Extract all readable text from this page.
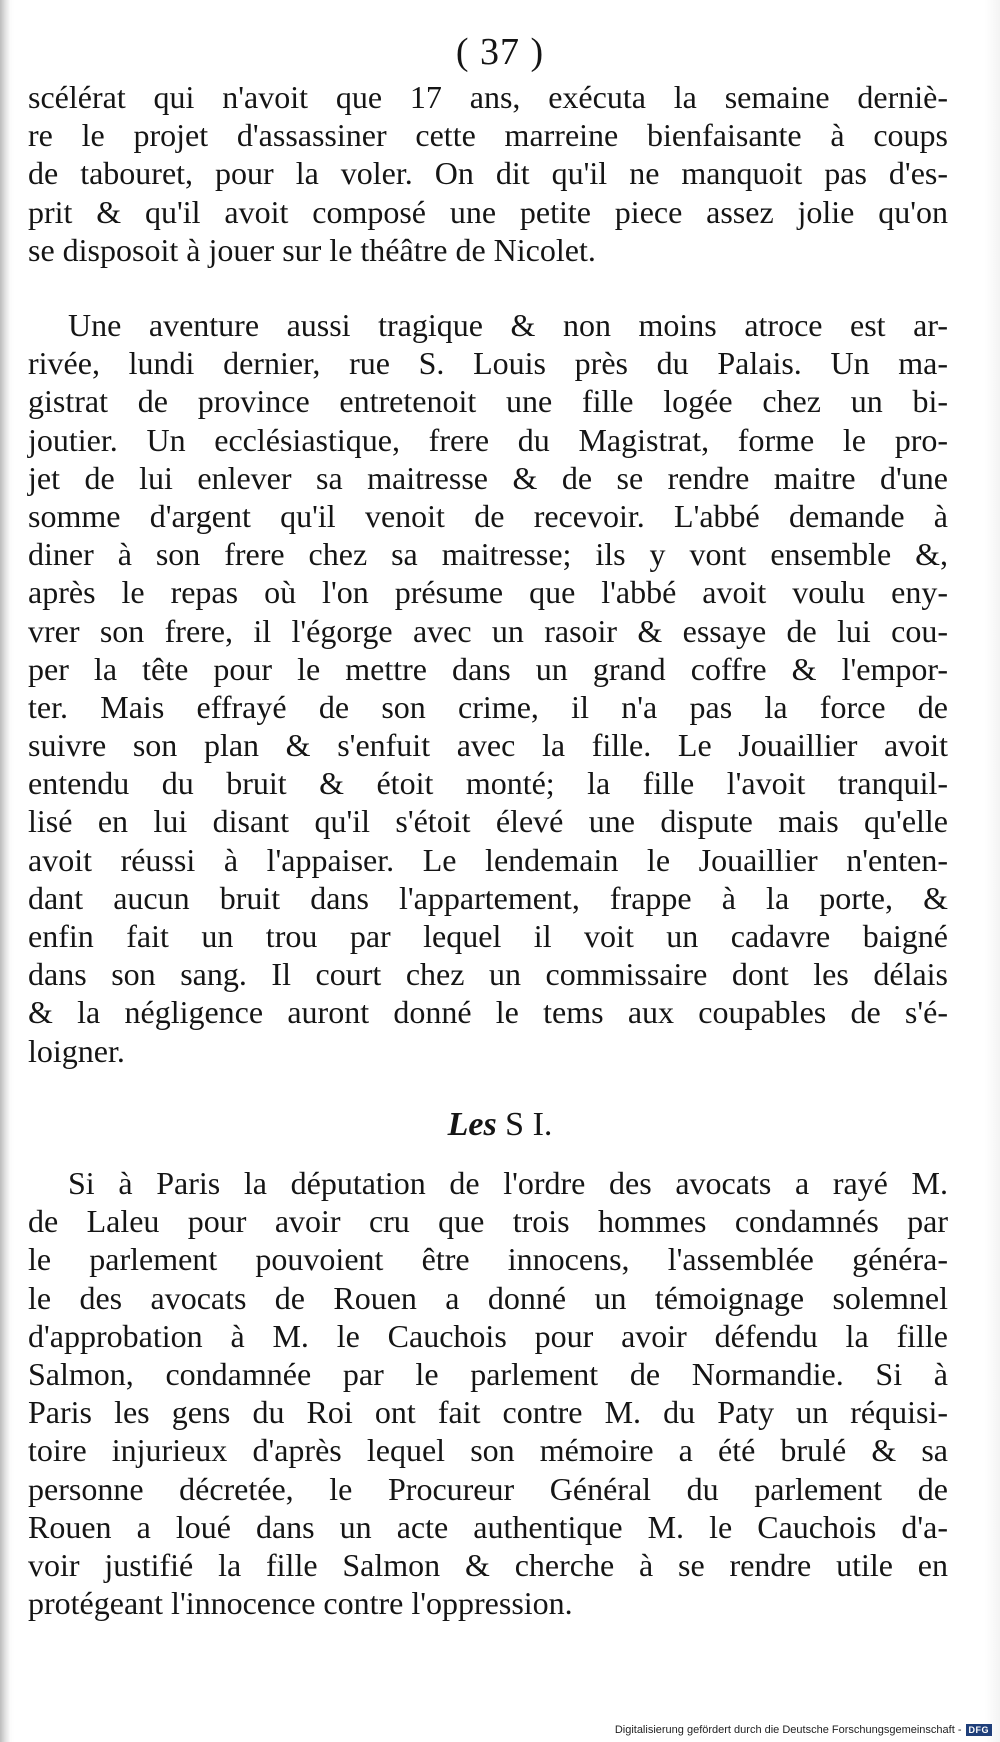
( 37 )
scélérat qui n'avoit que 17 ans, exécuta la semaine derniè-
re le projet d'assassiner cette marreine bienfaisante à coups
de tabouret, pour la voler. On dit qu'il ne manquoit pas d'es-
prit & qu'il avoit composé une petite piece assez jolie qu'on
se disposoit à jouer sur le théâtre de Nicolet.
Une aventure aussi tragique & non moins atroce est ar-
rivée, lundi dernier, rue S. Louis près du Palais. Un ma-
gistrat de province entretenoit une fille logée chez un bi-
joutier. Un ecclésiastique, frere du Magistrat, forme le pro-
jet de lui enlever sa maitresse & de se rendre maitre d'une
somme d'argent qu'il venoit de recevoir. L'abbé demande à
diner à son frere chez sa maitresse; ils y vont ensemble &,
après le repas où l'on présume que l'abbé avoit voulu eny-
vrer son frere, il l'égorge avec un rasoir & essaye de lui cou-
per la tête pour le mettre dans un grand coffre & l'empor-
ter. Mais effrayé de son crime, il n'a pas la force de
suivre son plan & s'enfuit avec la fille. Le Jouaillier avoit
entendu du bruit & étoit monté; la fille l'avoit tranquil-
lisé en lui disant qu'il s'étoit élevé une dispute mais qu'elle
avoit réussi à l'appaiser. Le lendemain le Jouaillier n'enten-
dant aucun bruit dans l'appartement, frappe à la porte, &
enfin fait un trou par lequel il voit un cadavre baigné
dans son sang. Il court chez un commissaire dont les délais
& la négligence auront donné le tems aux coupables de s'é-
loigner.
Les S I.
Si à Paris la députation de l'ordre des avocats a rayé M.
de Laleu pour avoir cru que trois hommes condamnés par
le parlement pouvoient être innocens, l'assemblée généra-
le des avocats de Rouen a donné un témoignage solemnel
d'approbation à M. le Cauchois pour avoir défendu la fille
Salmon, condamnée par le parlement de Normandie. Si à
Paris les gens du Roi ont fait contre M. du Paty un réquisi-
toire injurieux d'après lequel son mémoire a été brulé & sa
personne décretée, le Procureur Général du parlement de
Rouen a loué dans un acte authentique M. le Cauchois d'a-
voir justifié la fille Salmon & cherche à se rendre utile en
protégeant l'innocence contre l'oppression.
Digitalisierung gefördert durch die Deutsche Forschungsgemeinschaft - DFG
